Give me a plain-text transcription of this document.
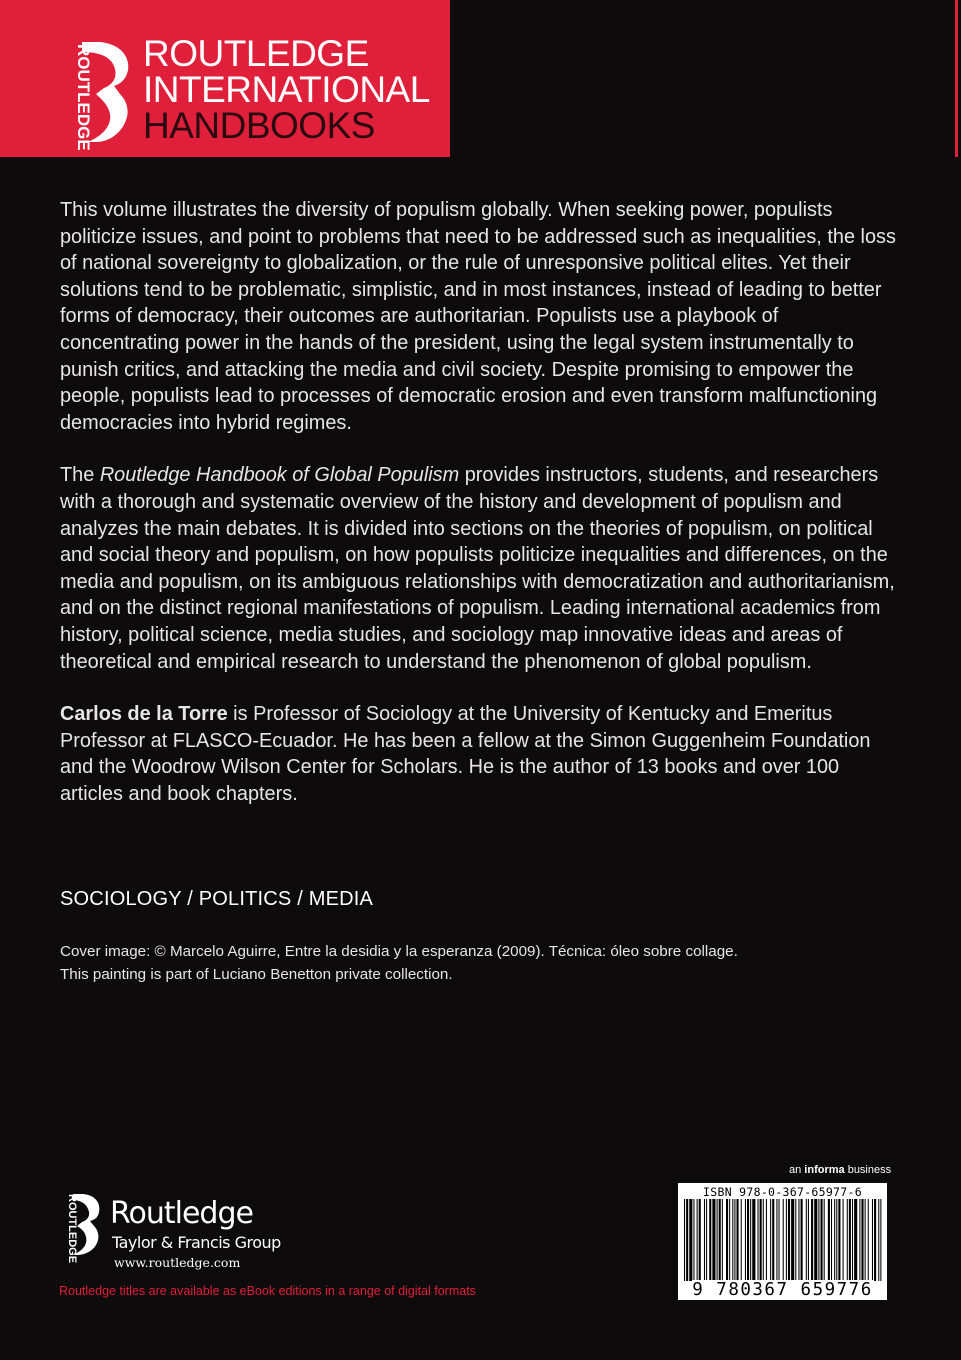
ROUTLEDGE ROUTLEDGE
INTERNATIONAL
HANDBOOKS

This volume illustrates the diversity of populism globally. When seeking power, populists politicize issues, and point to problems that need to be addressed such as inequalities, the loss of national sovereignty to globalization, or the rule of unresponsive political elites. Yet their solutions tend to be problematic, simplistic, and in most instances, instead of leading to better forms of democracy, their outcomes are authoritarian. Populists use a playbook of concentrating power in the hands of the president, using the legal system instrumentally to punish critics, and attacking the media and civil society. Despite promising to empower the people, populists lead to processes of democratic erosion and even transform malfunctioning democracies into hybrid regimes.

The Routledge Handbook of Global Populism provides instructors, students, and researchers with a thorough and systematic overview of the history and development of populism and analyzes the main debates. It is divided into sections on the theories of populism, on political and social theory and populism, on how populists politicize inequalities and differences, on the media and populism, on its ambiguous relationships with democratization and authoritarianism, and on the distinct regional manifestations of populism. Leading international academics from history, political science, media studies, and sociology map innovative ideas and areas of theoretical and empirical research to understand the phenomenon of global populism.

Carlos de la Torre is Professor of Sociology at the University of Kentucky and Emeritus Professor at FLASCO-Ecuador. He has been a fellow at the Simon Guggenheim Foundation and the Woodrow Wilson Center for Scholars. He is the author of 13 books and over 100 articles and book chapters.

SOCIOLOGY / POLITICS / MEDIA
Cover image: © Marcelo Aguirre, Entre la desidia y la esperanza (2009). Técnica: óleo sobre collage.
This painting is part of Luciano Benetton private collection.
ROUTLEDGE Routledge
Taylor & Francis Group
www.routledge.com
Routledge titles are available as eBook editions in a range of digital formats
an informa business
ISBN 978-0-367-65977-6
9 780367 659776
